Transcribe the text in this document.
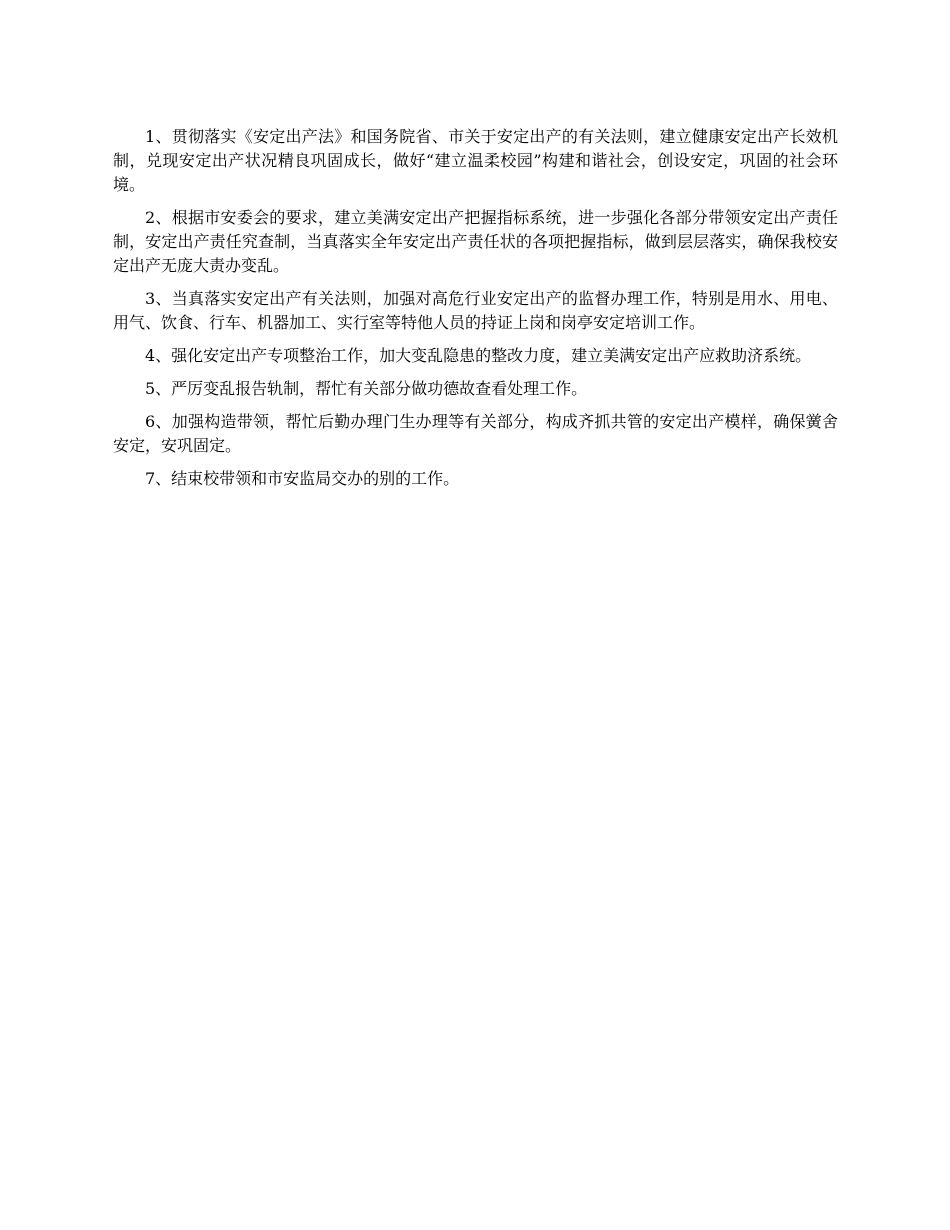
1、贯彻落实《安定出产法》和国务院省、市关于安定出产的有关法则，建立健康安定出产长效机制，兑现安定出产状况精良巩固成长，做好“建立温柔校园”构建和谐社会，创设安定，巩固的社会环境。

2、根据市安委会的要求，建立美满安定出产把握指标系统，进一步强化各部分带领安定出产责任制，安定出产责任究查制，当真落实全年安定出产责任状的各项把握指标，做到层层落实，确保我校安定出产无庞大责办变乱。

3、当真落实安定出产有关法则，加强对高危行业安定出产的监督办理工作，特别是用水、用电、用气、饮食、行车、机器加工、实行室等特他人员的持证上岗和岗亭安定培训工作。

4、强化安定出产专项整治工作，加大变乱隐患的整改力度，建立美满安定出产应救助济系统。

5、严厉变乱报告轨制，帮忙有关部分做功德故查看处理工作。

6、加强构造带领，帮忙后勤办理门生办理等有关部分，构成齐抓共管的安定出产模样，确保黉舍安定，安巩固定。

7、结束校带领和市安监局交办的别的工作。
